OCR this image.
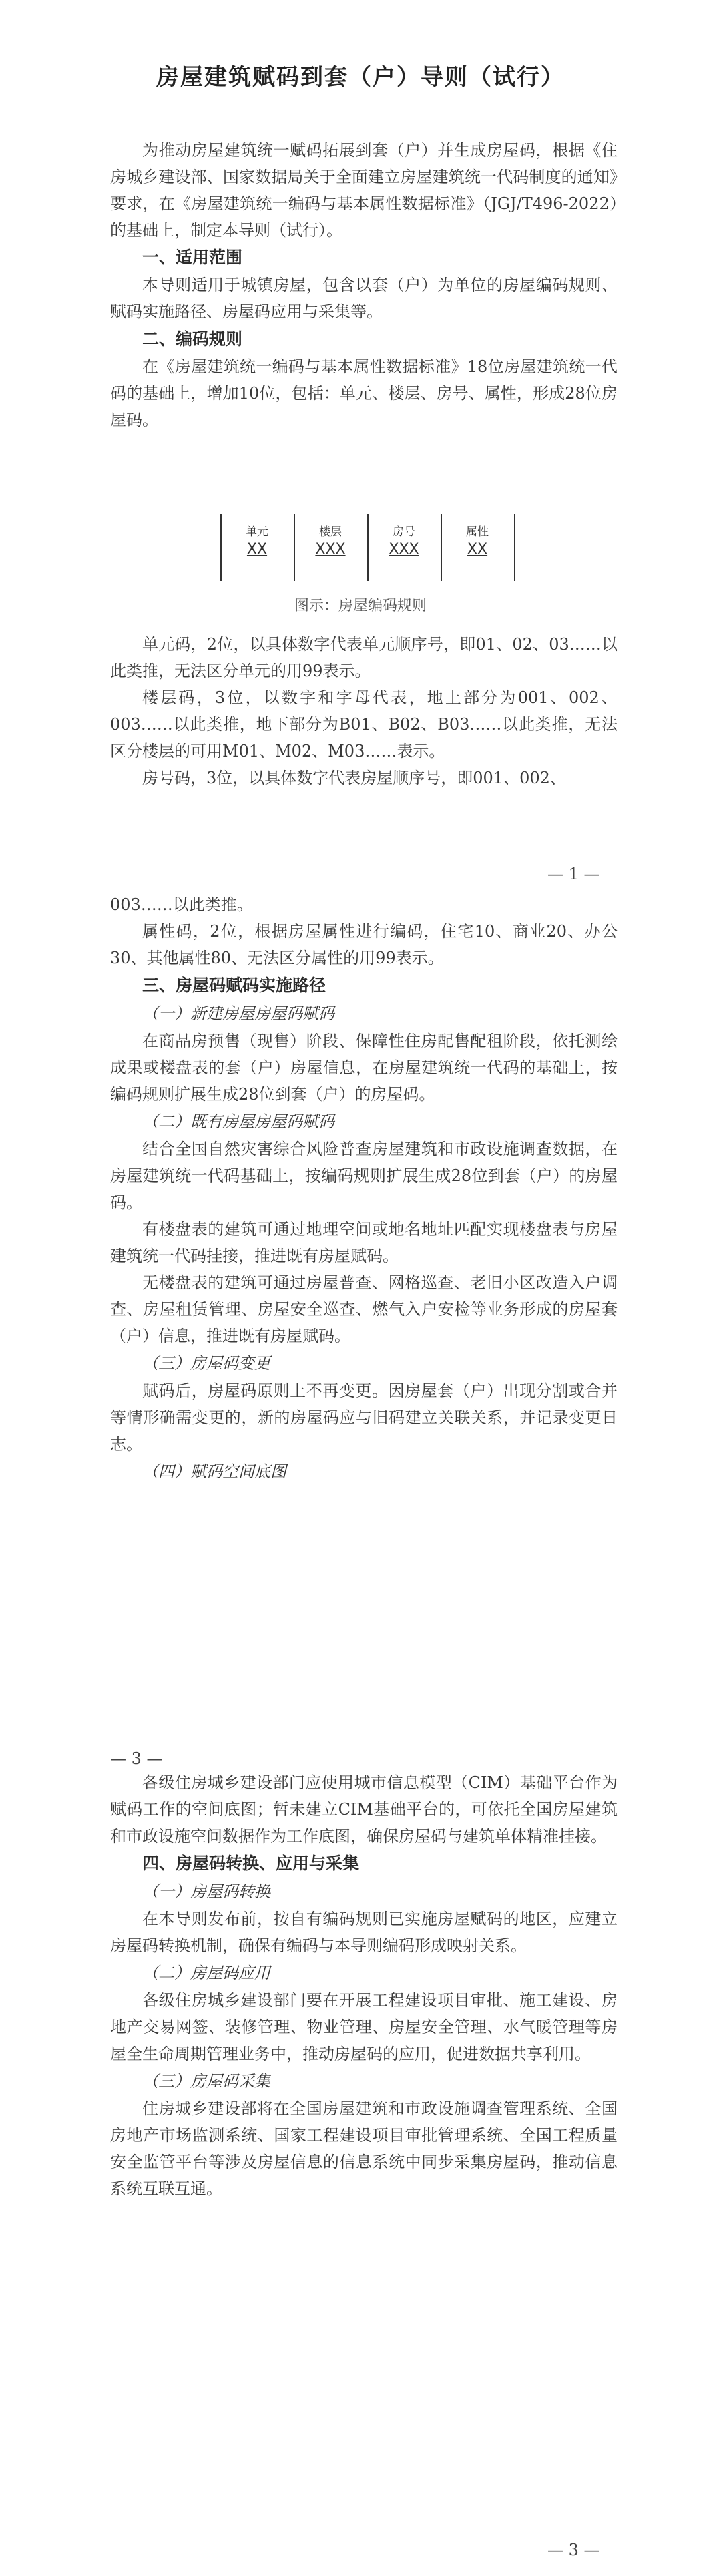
房屋建筑赋码到套（户）导则（试行）

为推动房屋建筑统一赋码拓展到套（户）并生成房屋码，根据《住房城乡建设部、国家数据局关于全面建立房屋建筑统一代码制度的通知》要求，在《房屋建筑统一编码与基本属性数据标准》（JGJ/T496-2022）的基础上，制定本导则（试行）。

一、适用范围

本导则适用于城镇房屋，包含以套（户）为单位的房屋编码规则、赋码实施路径、房屋码应用与采集等。

二、编码规则

在《房屋建筑统一编码与基本属性数据标准》18位房屋建筑统一代码的基础上，增加10位，包括：单元、楼层、房号、属性，形成28位房屋码。

单元
XX
楼层
XXX
房号
XXX
属性
XX
图示：房屋编码规则

单元码，2位，以具体数字代表单元顺序号，即01、02、03……以此类推，无法区分单元的用99表示。

楼层码，3位，以数字和字母代表，地上部分为001、002、003……以此类推，地下部分为B01、B02、B03……以此类推，无法区分楼层的可用M01、M02、M03……表示。

房号码，3位，以具体数字代表房屋顺序号，即001、002、

— 1 —

003……以此类推。

属性码，2位，根据房屋属性进行编码，住宅10、商业20、办公30、其他属性80、无法区分属性的用99表示。

三、房屋码赋码实施路径
（一）新建房屋房屋码赋码

在商品房预售（现售）阶段、保障性住房配售配租阶段，依托测绘成果或楼盘表的套（户）房屋信息，在房屋建筑统一代码的基础上，按编码规则扩展生成28位到套（户）的房屋码。

（二）既有房屋房屋码赋码

结合全国自然灾害综合风险普查房屋建筑和市政设施调查数据，在房屋建筑统一代码基础上，按编码规则扩展生成28位到套（户）的房屋码。

有楼盘表的建筑可通过地理空间或地名地址匹配实现楼盘表与房屋建筑统一代码挂接，推进既有房屋赋码。

无楼盘表的建筑可通过房屋普查、网格巡查、老旧小区改造入户调查、房屋租赁管理、房屋安全巡查、燃气入户安检等业务形成的房屋套（户）信息，推进既有房屋赋码。

（三）房屋码变更

赋码后，房屋码原则上不再变更。因房屋套（户）出现分割或合并等情形确需变更的，新的房屋码应与旧码建立关联关系，并记录变更日志。

（四）赋码空间底图
— 3 —

各级住房城乡建设部门应使用城市信息模型（CIM）基础平台作为赋码工作的空间底图；暂未建立CIM基础平台的，可依托全国房屋建筑和市政设施空间数据作为工作底图，确保房屋码与建筑单体精准挂接。

四、房屋码转换、应用与采集
（一）房屋码转换

在本导则发布前，按自有编码规则已实施房屋赋码的地区，应建立房屋码转换机制，确保有编码与本导则编码形成映射关系。

（二）房屋码应用

各级住房城乡建设部门要在开展工程建设项目审批、施工建设、房地产交易网签、装修管理、物业管理、房屋安全管理、水气暖管理等房屋全生命周期管理业务中，推动房屋码的应用，促进数据共享利用。

（三）房屋码采集

住房城乡建设部将在全国房屋建筑和市政设施调查管理系统、全国房地产市场监测系统、国家工程建设项目审批管理系统、全国工程质量安全监管平台等涉及房屋信息的信息系统中同步采集房屋码，推动信息系统互联互通。

— 3 —
